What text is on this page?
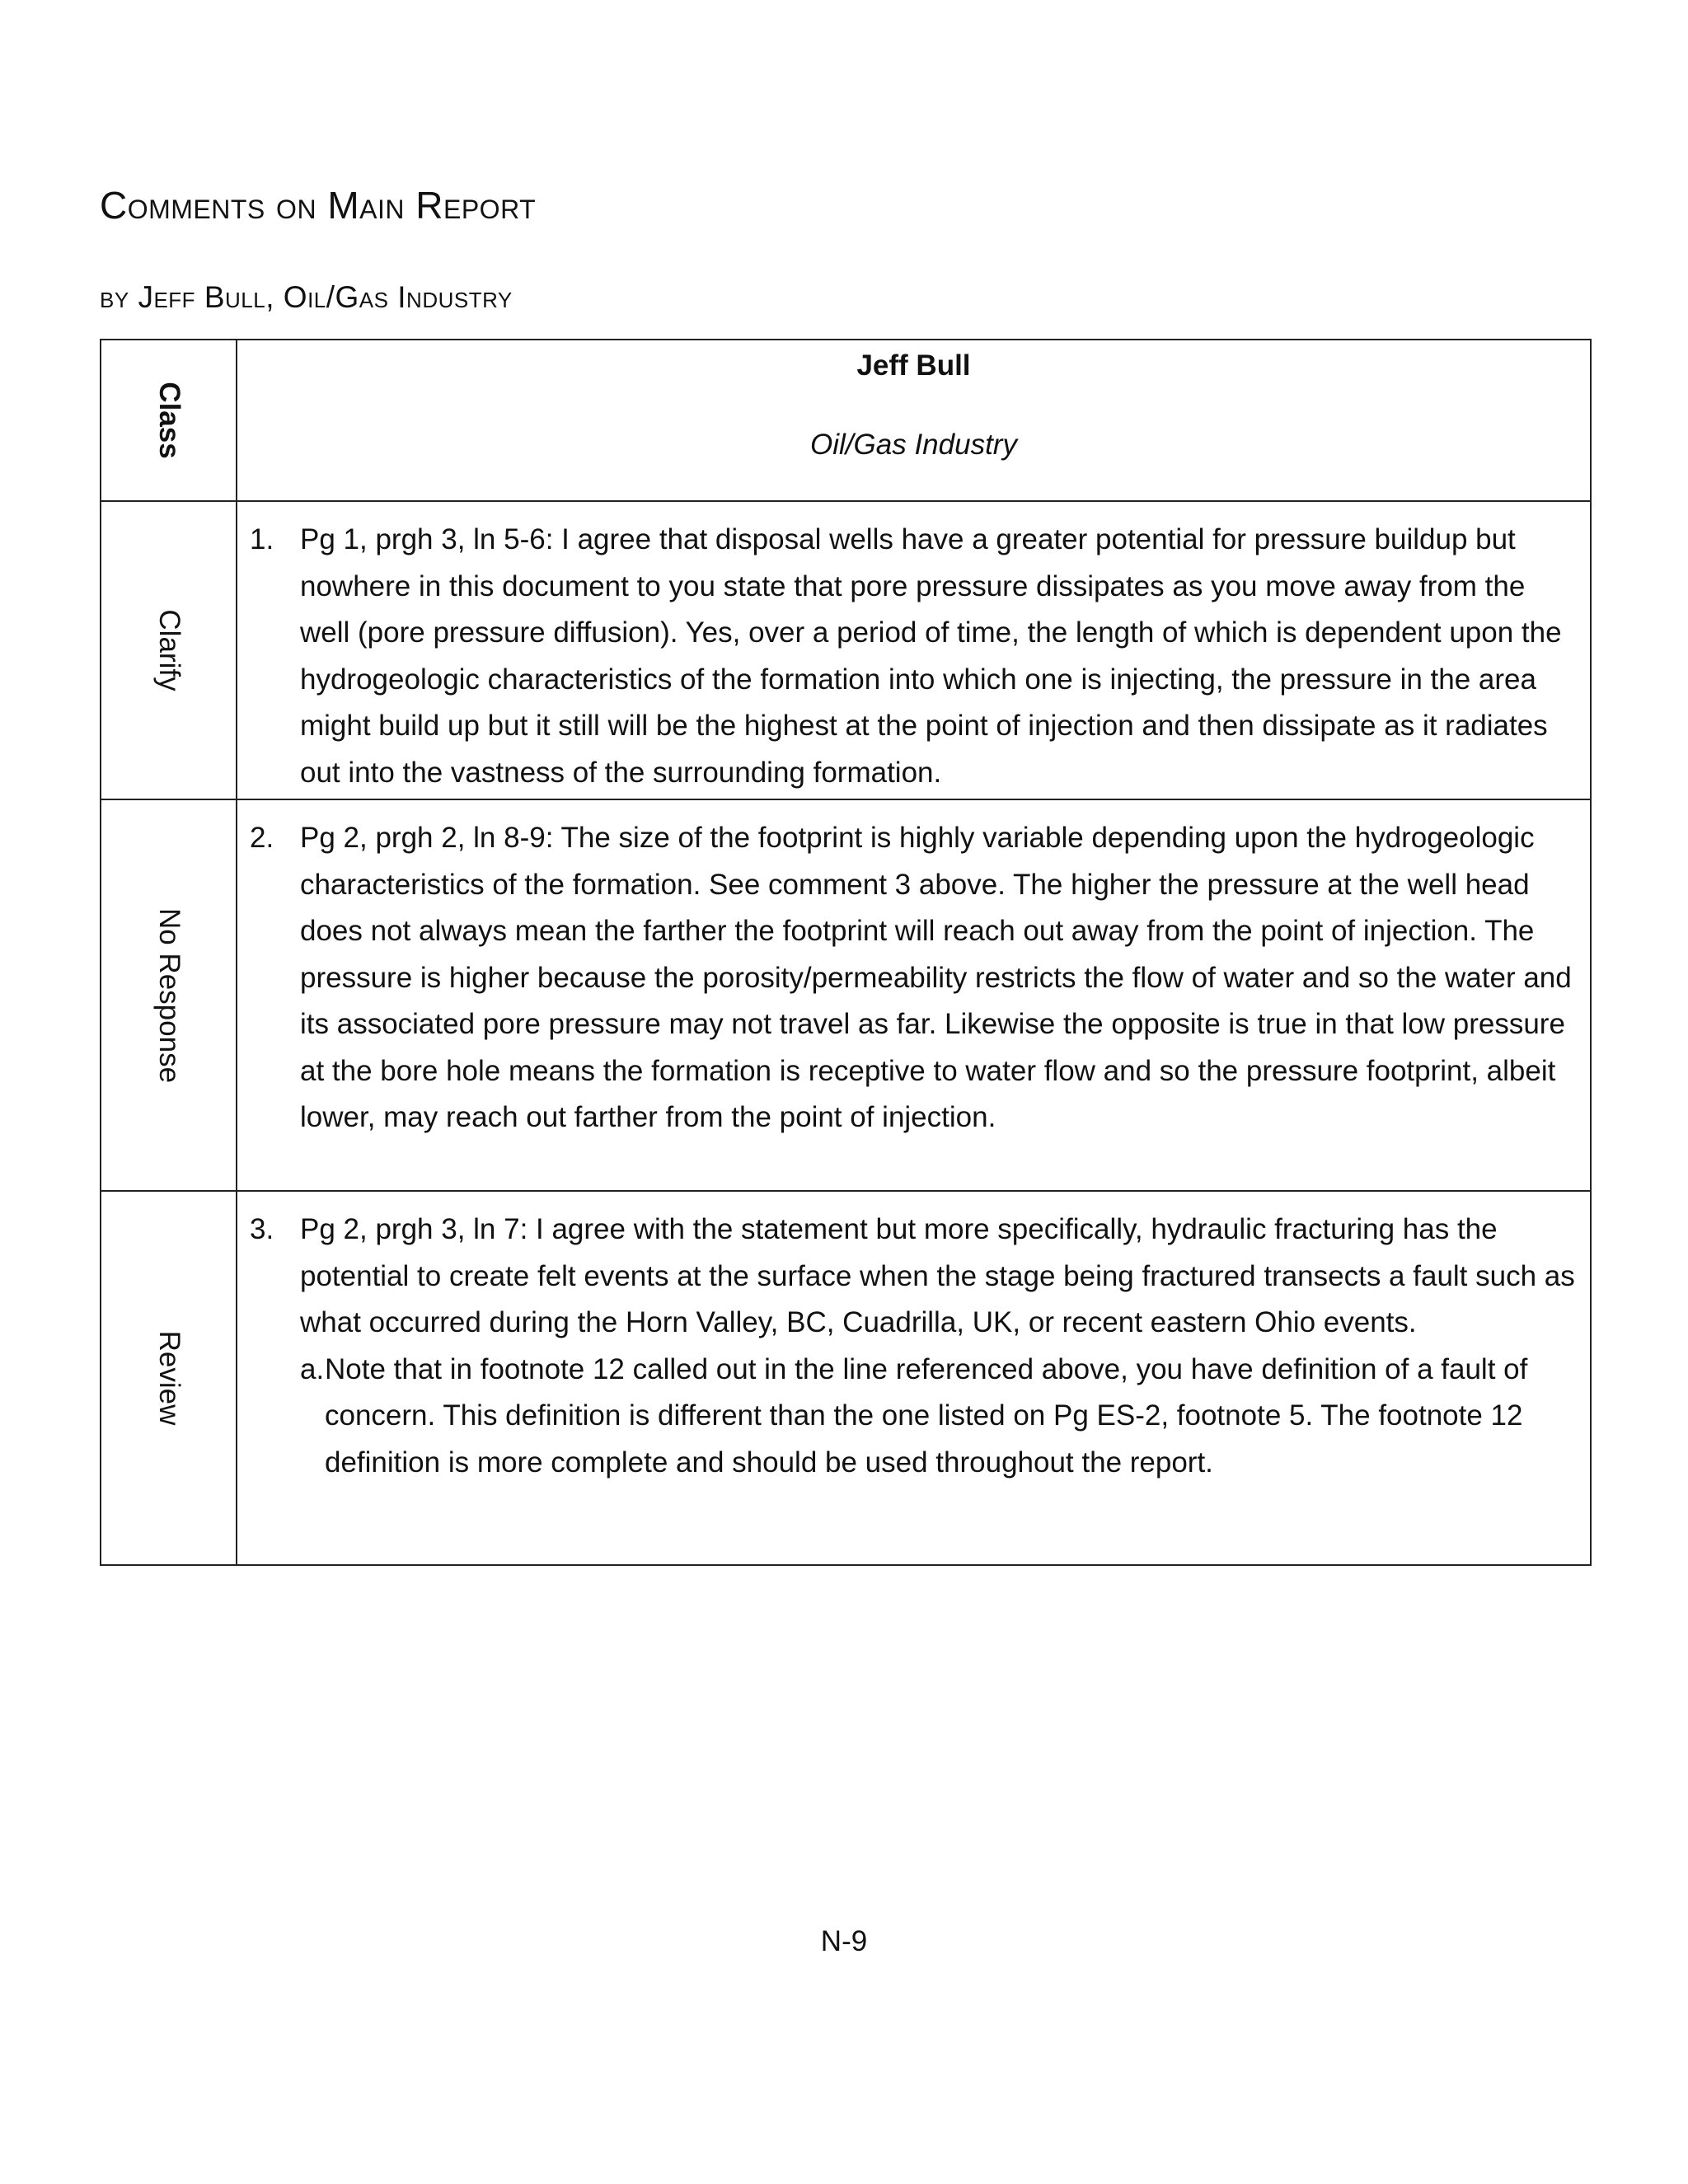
Comments on Main Report
by Jeff Bull, Oil/Gas Industry
Class	Jeff Bull
Oil/Gas Industry

Clarify	1. Pg 1, prgh 3, ln 5-6: I agree that disposal wells have a greater potential for pressure buildup but nowhere in this document to you state that pore pressure dissipates as you move away from the well (pore pressure diffusion). Yes, over a period of time, the length of which is dependent upon the hydrogeologic characteristics of the formation into which one is injecting, the pressure in the area might build up but it still will be the highest at the point of injection and then dissipate as it radiates out into the vastness of the surrounding formation.

No Response	2. Pg 2, prgh 2, ln 8-9: The size of the footprint is highly variable depending upon the hydrogeologic characteristics of the formation. See comment 3 above. The higher the pressure at the well head does not always mean the farther the footprint will reach out away from the point of injection. The pressure is higher because the porosity/permeability restricts the flow of water and so the water and its associated pore pressure may not travel as far. Likewise the opposite is true in that low pressure at the bore hole means the formation is receptive to water flow and so the pressure footprint, albeit lower, may reach out farther from the point of injection.

Review	3. Pg 2, prgh 3, ln 7: I agree with the statement but more specifically, hydraulic fracturing has the potential to create felt events at the surface when the stage being fractured transects a fault such as what occurred during the Horn Valley, BC, Cuadrilla, UK, or recent eastern Ohio events.
a. Note that in footnote 12 called out in the line referenced above, you have definition of a fault of concern. This definition is different than the one listed on Pg ES-2, footnote 5. The footnote 12 definition is more complete and should be used throughout the report.
N-9
